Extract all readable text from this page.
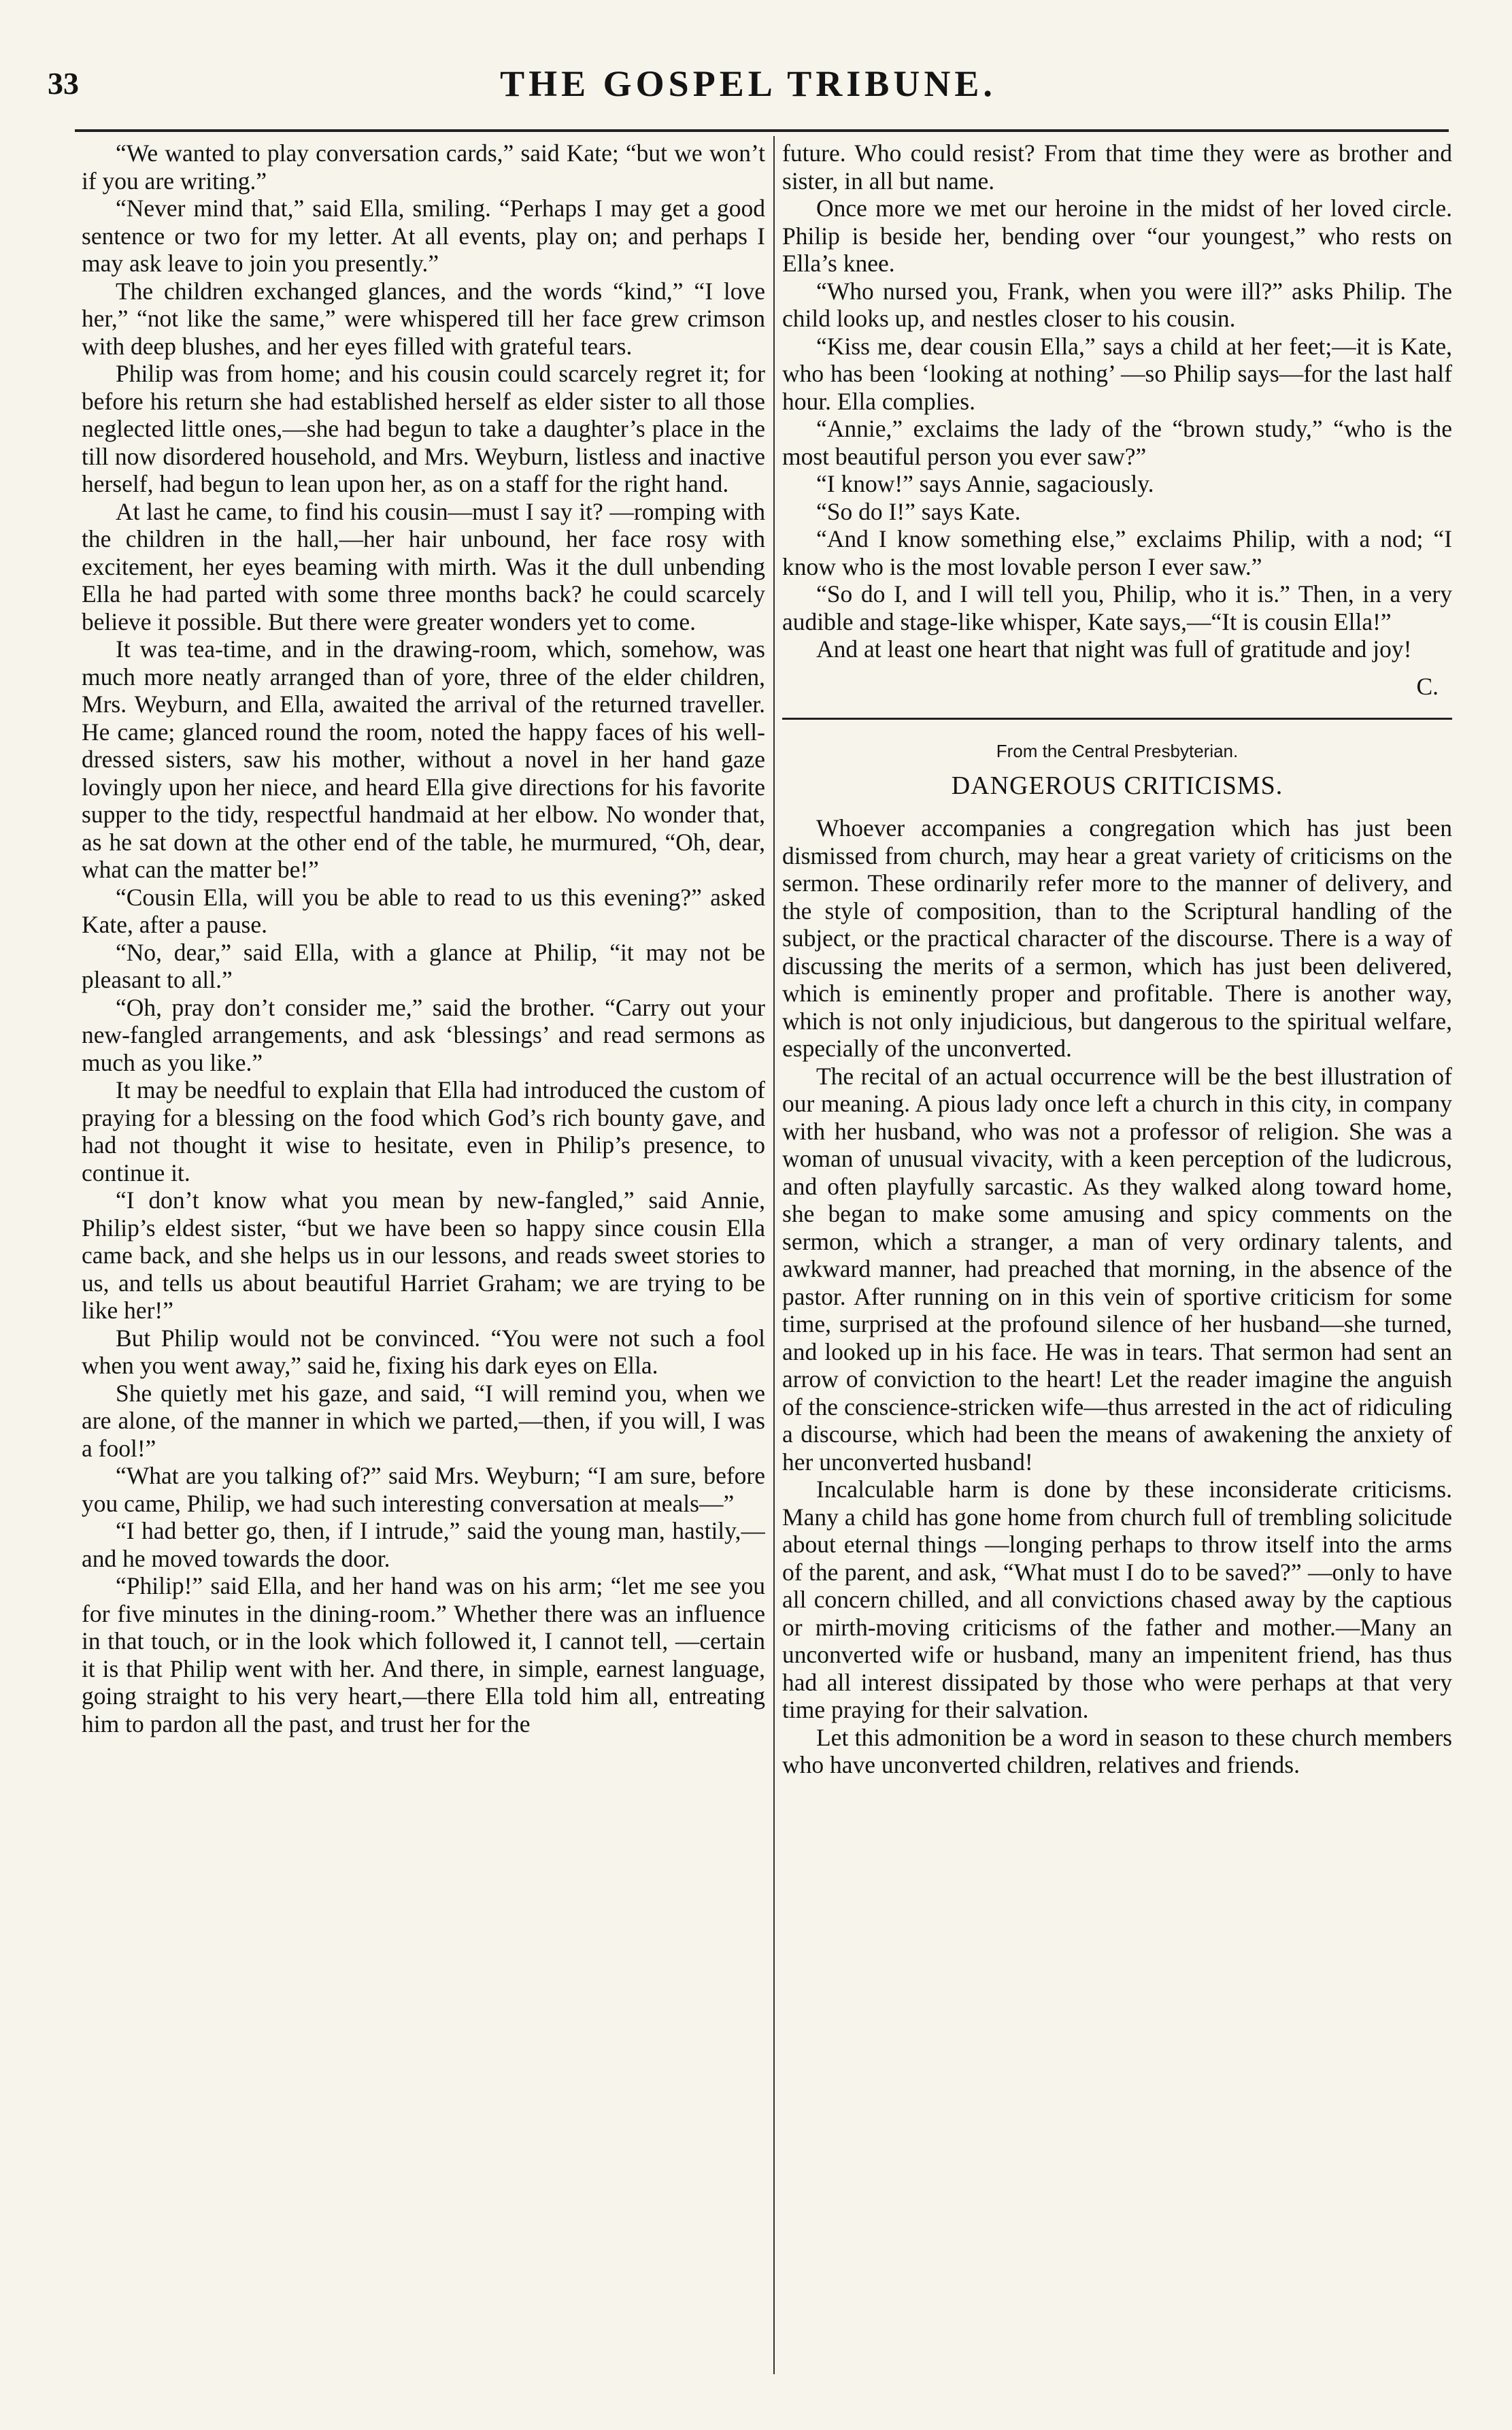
33	THE GOSPEL TRIBUNE.

“We wanted to play conversation cards,” said Kate; “but we won’t if you are writing.”

“Never mind that,” said Ella, smiling. “Perhaps I may get a good sentence or two for my letter. At all events, play on; and perhaps I may ask leave to join you presently.”

The children exchanged glances, and the words “kind,” “I love her,” “not like the same,” were whispered till her face grew crimson with deep blushes, and her eyes filled with grateful tears.

Philip was from home; and his cousin could scarcely regret it; for before his return she had established herself as elder sister to all those neglected little ones,—she had begun to take a daughter’s place in the till now disordered household, and Mrs. Weyburn, listless and inactive herself, had begun to lean upon her, as on a staff for the right hand.

At last he came, to find his cousin—must I say it? —romping with the children in the hall,—her hair unbound, her face rosy with excitement, her eyes beaming with mirth. Was it the dull unbending Ella he had parted with some three months back? he could scarcely believe it possible. But there were greater wonders yet to come.

It was tea-time, and in the drawing-room, which, somehow, was much more neatly arranged than of yore, three of the elder children, Mrs. Weyburn, and Ella, awaited the arrival of the returned traveller. He came; glanced round the room, noted the happy faces of his well-dressed sisters, saw his mother, without a novel in her hand gaze lovingly upon her niece, and heard Ella give directions for his favorite supper to the tidy, respectful handmaid at her elbow. No wonder that, as he sat down at the other end of the table, he murmured, “Oh, dear, what can the matter be!”

“Cousin Ella, will you be able to read to us this evening?” asked Kate, after a pause.

“No, dear,” said Ella, with a glance at Philip, “it may not be pleasant to all.”

“Oh, pray don’t consider me,” said the brother. “Carry out your new-fangled arrangements, and ask ‘blessings’ and read sermons as much as you like.”

It may be needful to explain that Ella had introduced the custom of praying for a blessing on the food which God’s rich bounty gave, and had not thought it wise to hesitate, even in Philip’s presence, to continue it.

“I don’t know what you mean by new-fangled,” said Annie, Philip’s eldest sister, “but we have been so happy since cousin Ella came back, and she helps us in our lessons, and reads sweet stories to us, and tells us about beautiful Harriet Graham; we are trying to be like her!”

But Philip would not be convinced. “You were not such a fool when you went away,” said he, fixing his dark eyes on Ella.

She quietly met his gaze, and said, “I will remind you, when we are alone, of the manner in which we parted,—then, if you will, I was a fool!”

“What are you talking of?” said Mrs. Weyburn; “I am sure, before you came, Philip, we had such interesting conversation at meals—”

“I had better go, then, if I intrude,” said the young man, hastily,—and he moved towards the door.

“Philip!” said Ella, and her hand was on his arm; “let me see you for five minutes in the dining-room.” Whether there was an influence in that touch, or in the look which followed it, I cannot tell, —certain it is that Philip went with her. And there, in simple, earnest language, going straight to his very heart,—there Ella told him all, entreating him to pardon all the past, and trust her for the

future. Who could resist? From that time they were as brother and sister, in all but name.

Once more we met our heroine in the midst of her loved circle. Philip is beside her, bending over “our youngest,” who rests on Ella’s knee.

“Who nursed you, Frank, when you were ill?” asks Philip. The child looks up, and nestles closer to his cousin.

“Kiss me, dear cousin Ella,” says a child at her feet;—it is Kate, who has been ‘looking at nothing’ —so Philip says—for the last half hour. Ella complies.

“Annie,” exclaims the lady of the “brown study,” “who is the most beautiful person you ever saw?”

“I know!” says Annie, sagaciously.

“So do I!” says Kate.

“And I know something else,” exclaims Philip, with a nod; “I know who is the most lovable person I ever saw.”

“So do I, and I will tell you, Philip, who it is.” Then, in a very audible and stage-like whisper, Kate says,—“It is cousin Ella!”

And at least one heart that night was full of gratitude and joy!

C.
From the Central Presbyterian.
DANGEROUS CRITICISMS.

Whoever accompanies a congregation which has just been dismissed from church, may hear a great variety of criticisms on the sermon. These ordinarily refer more to the manner of delivery, and the style of composition, than to the Scriptural handling of the subject, or the practical character of the discourse. There is a way of discussing the merits of a sermon, which has just been delivered, which is eminently proper and profitable. There is another way, which is not only injudicious, but dangerous to the spiritual welfare, especially of the unconverted.

The recital of an actual occurrence will be the best illustration of our meaning. A pious lady once left a church in this city, in company with her husband, who was not a professor of religion. She was a woman of unusual vivacity, with a keen perception of the ludicrous, and often playfully sarcastic. As they walked along toward home, she began to make some amusing and spicy comments on the sermon, which a stranger, a man of very ordinary talents, and awkward manner, had preached that morning, in the absence of the pastor. After running on in this vein of sportive criticism for some time, surprised at the profound silence of her husband—she turned, and looked up in his face. He was in tears. That sermon had sent an arrow of conviction to the heart! Let the reader imagine the anguish of the conscience-stricken wife—thus arrested in the act of ridiculing a discourse, which had been the means of awakening the anxiety of her unconverted husband!

Incalculable harm is done by these inconsiderate criticisms. Many a child has gone home from church full of trembling solicitude about eternal things —longing perhaps to throw itself into the arms of the parent, and ask, “What must I do to be saved?” —only to have all concern chilled, and all convictions chased away by the captious or mirth-moving criticisms of the father and mother.—Many an unconverted wife or husband, many an impenitent friend, has thus had all interest dissipated by those who were perhaps at that very time praying for their salvation.

Let this admonition be a word in season to these church members who have unconverted children, relatives and friends.
